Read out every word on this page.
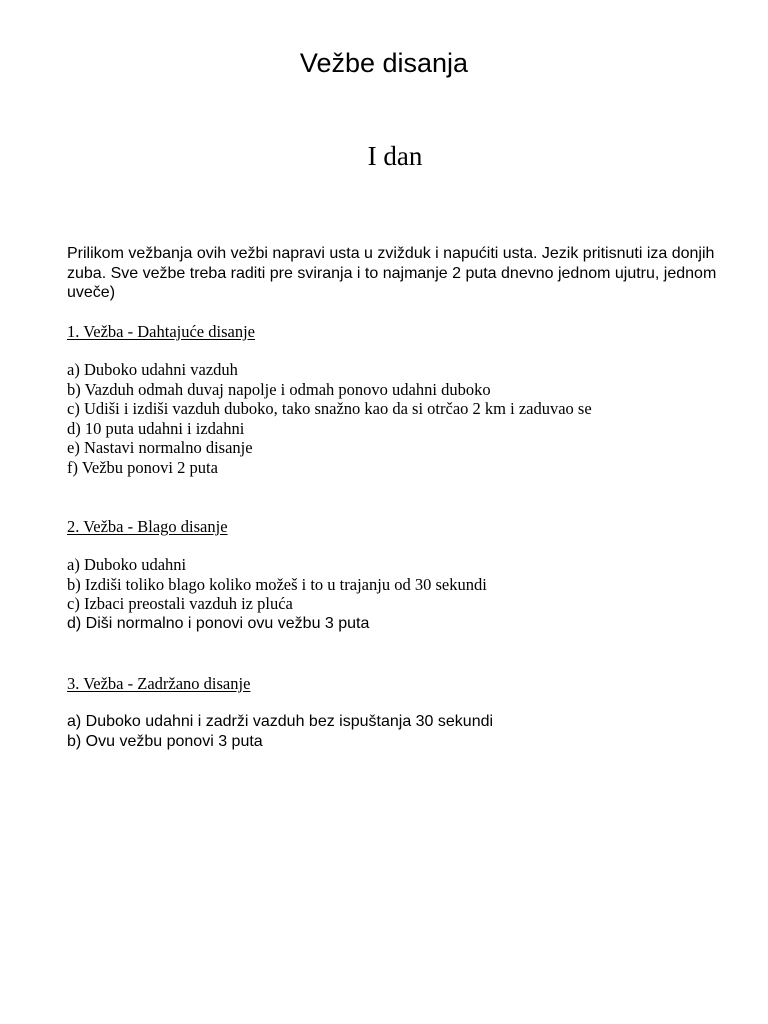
Vežbe disanja
I dan

Prilikom vežbanja ovih vežbi napravi usta u zvižduk i napućiti usta. Jezik pritisnuti iza donjih zuba. Sve vežbe treba raditi pre sviranja i to najmanje 2 puta dnevno jednom ujutru, jednom uveče)

1. Vežba - Dahtajuće disanje
a) Duboko udahni vazduh
b) Vazduh odmah duvaj napolje i odmah ponovo udahni duboko
c) Udiši i izdiši vazduh duboko, tako snažno kao da si otrčao 2 km i zaduvao se
d) 10 puta udahni i izdahni
e) Nastavi normalno disanje
f) Vežbu ponovi 2 puta
2. Vežba - Blago disanje
a) Duboko udahni
b) Izdiši toliko blago koliko možeš i to u trajanju od 30 sekundi
c) Izbaci preostali vazduh iz pluća
d) Diši normalno i ponovi ovu vežbu 3 puta
3. Vežba - Zadržano disanje
a) Duboko udahni i zadrži vazduh bez ispuštanja 30 sekundi
b) Ovu vežbu ponovi 3 puta
